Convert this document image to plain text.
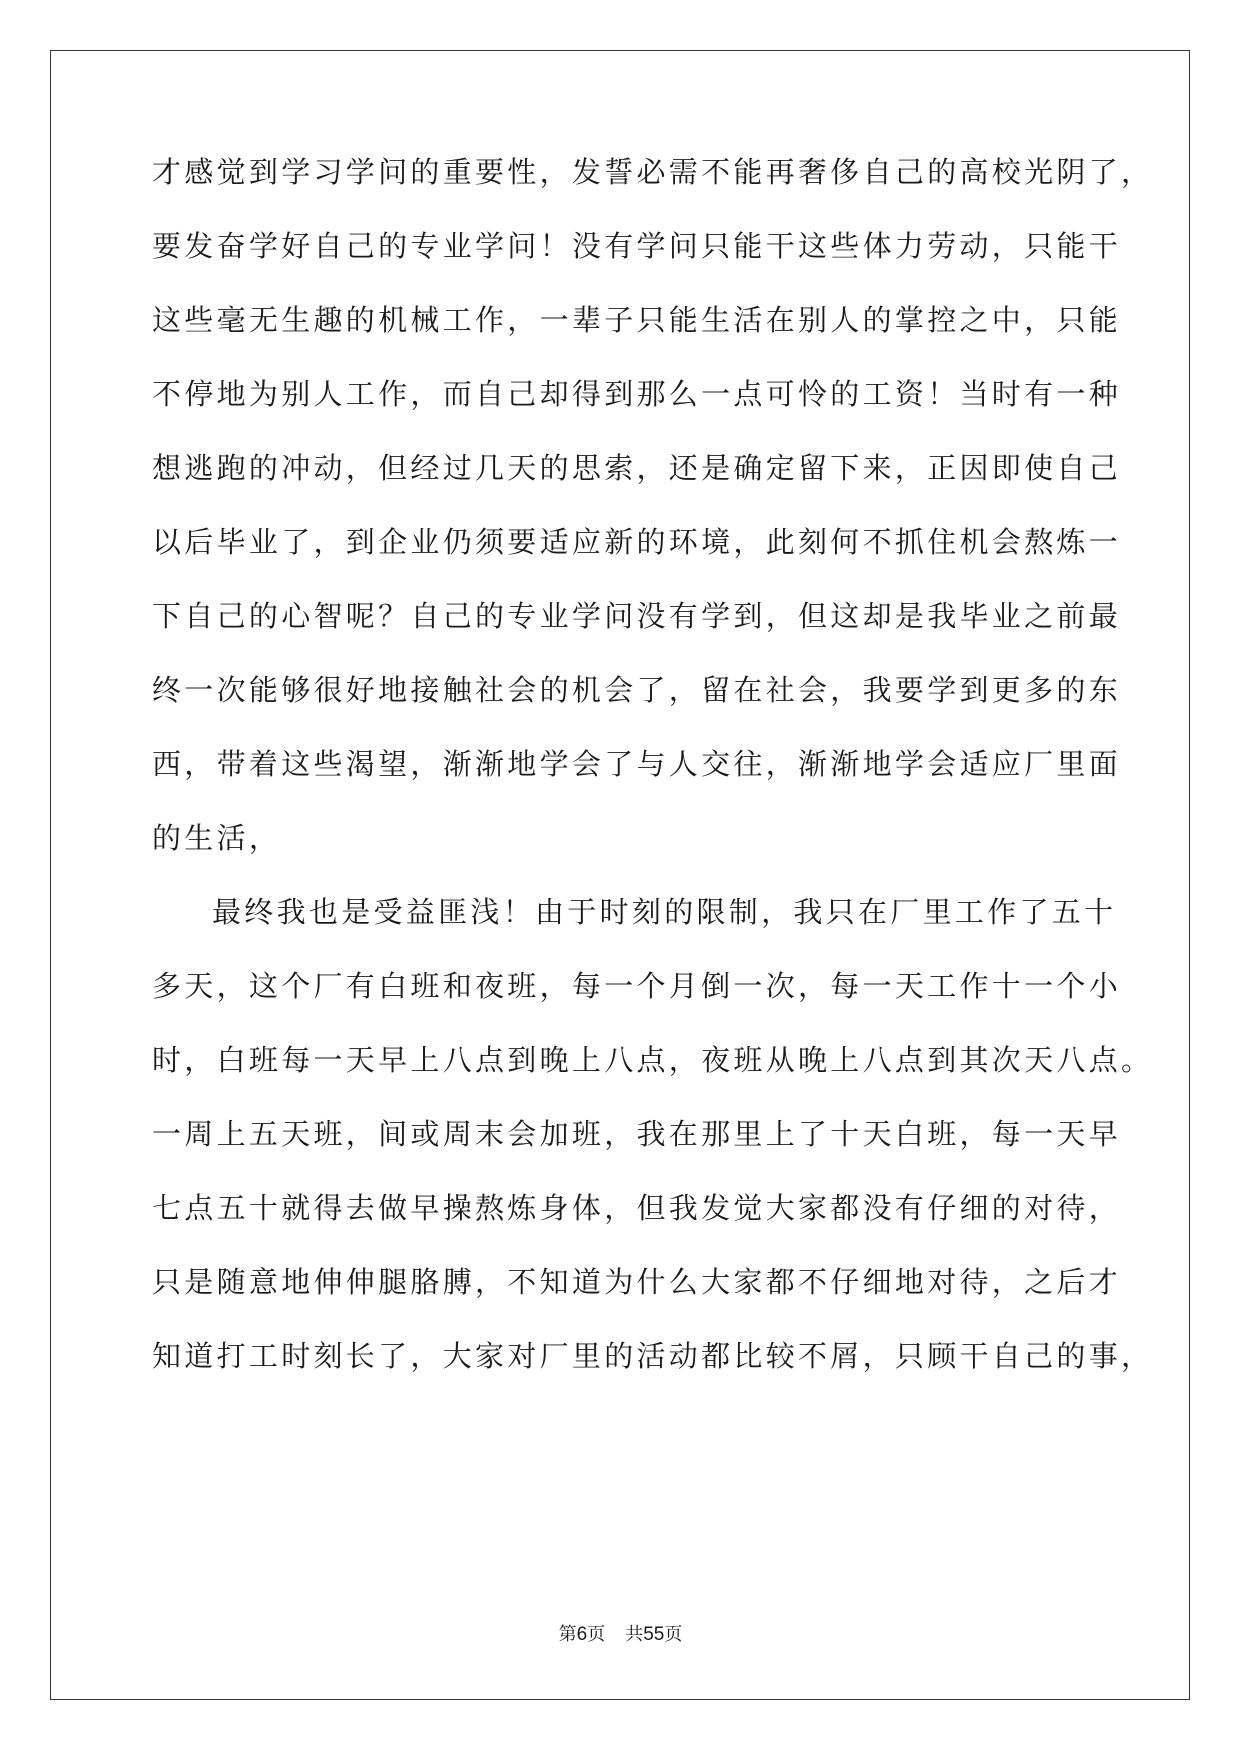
才感觉到学习学问的重要性，发誓必需不能再奢侈自己的高校光阴了，
要发奋学好自己的专业学问！没有学问只能干这些体力劳动，只能干
这些毫无生趣的机械工作，一辈子只能生活在别人的掌控之中，只能
不停地为别人工作，而自己却得到那么一点可怜的工资！当时有一种
想逃跑的冲动，但经过几天的思索，还是确定留下来，正因即使自己
以后毕业了，到企业仍须要适应新的环境，此刻何不抓住机会熬炼一
下自己的心智呢？自己的专业学问没有学到，但这却是我毕业之前最
终一次能够很好地接触社会的机会了，留在社会，我要学到更多的东
西，带着这些渴望，渐渐地学会了与人交往，渐渐地学会适应厂里面
的生活，
最终我也是受益匪浅！由于时刻的限制，我只在厂里工作了五十
多天，这个厂有白班和夜班，每一个月倒一次，每一天工作十一个小
时，白班每一天早上八点到晚上八点，夜班从晚上八点到其次天八点。
一周上五天班，间或周末会加班，我在那里上了十天白班，每一天早
七点五十就得去做早操熬炼身体，但我发觉大家都没有仔细的对待，
只是随意地伸伸腿胳膊，不知道为什么大家都不仔细地对待，之后才
知道打工时刻长了，大家对厂里的活动都比较不屑，只顾干自己的事，
第6页 共55页
